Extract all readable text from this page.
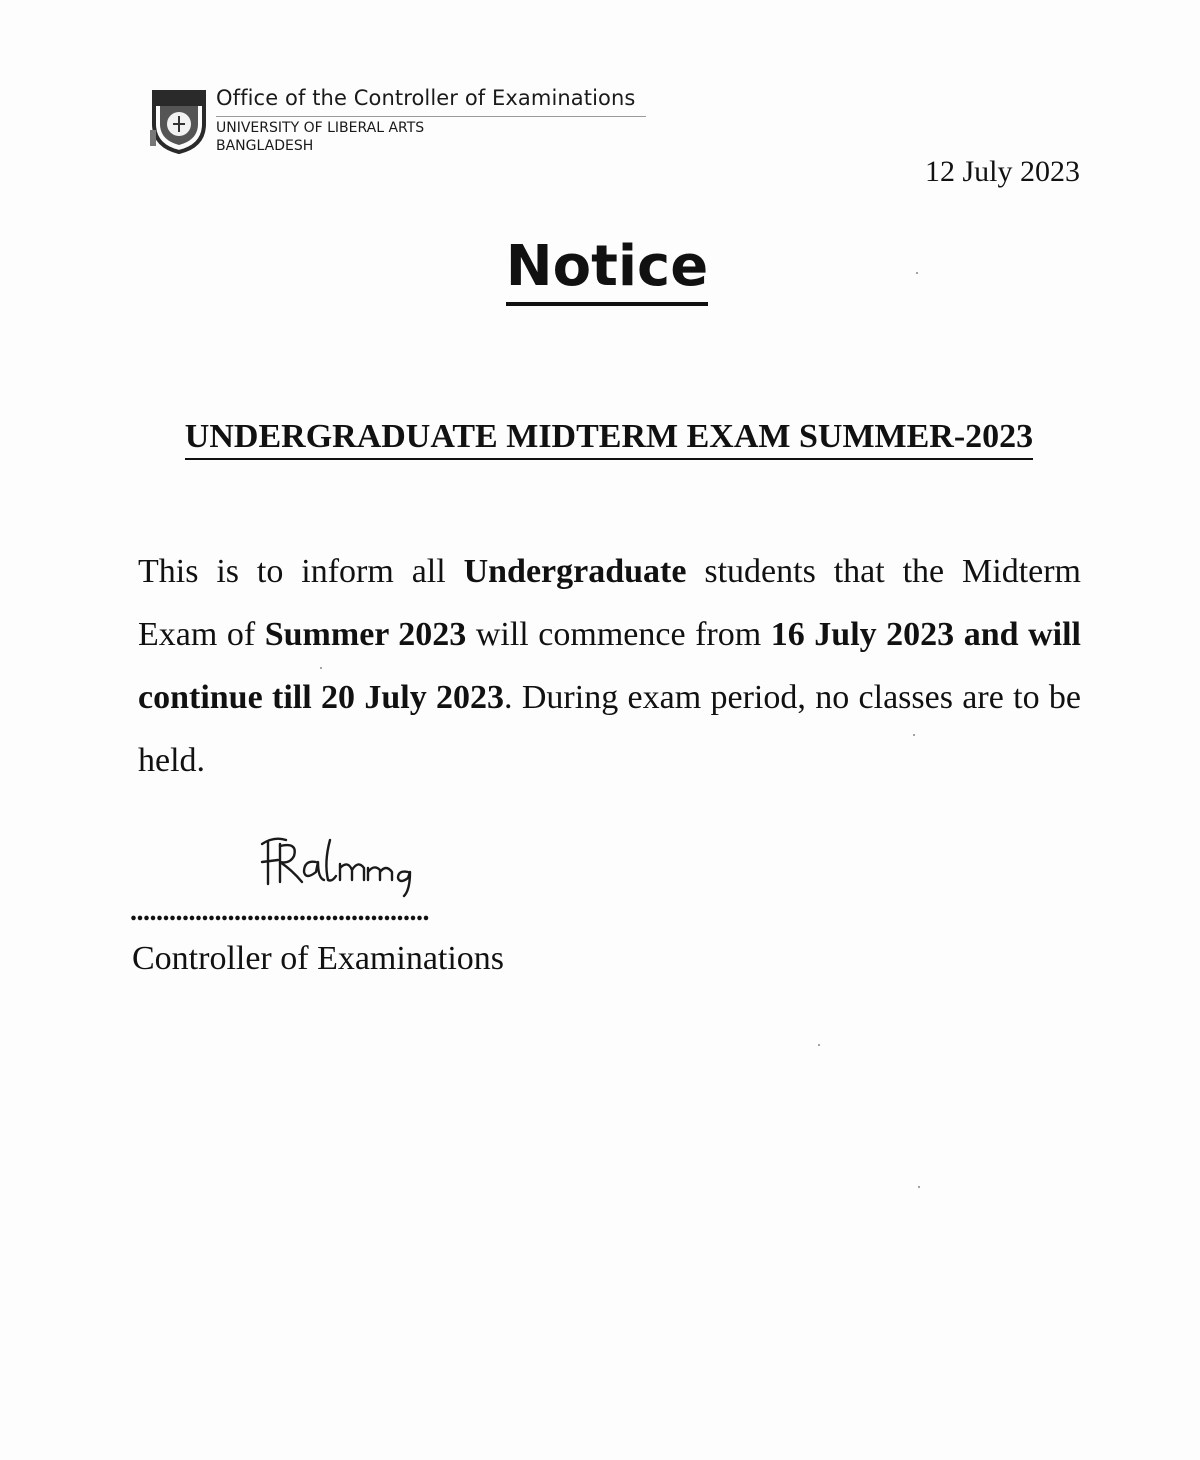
Office of the Controller of Examinations
UNIVERSITY OF LIBERAL ARTS
BANGLADESH
12 July 2023
Notice
UNDERGRADUATE MIDTERM EXAM SUMMER-2023
This is to inform all Undergraduate students that the Midterm Exam of Summer 2023 will commence from 16 July 2023 and will continue till 20 July 2023. During exam period, no classes are to be held.
..............................................
Controller of Examinations
